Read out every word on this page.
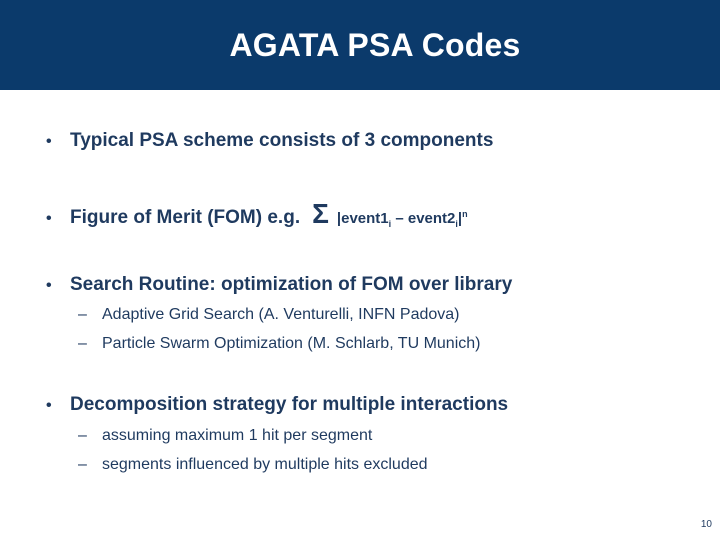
AGATA PSA Codes
• Typical PSA scheme consists of 3 components
• Figure of Merit (FOM) e.g. Σ $|event1_i$ – $event2_i|^n$
• Search Routine: optimization of FOM over library
– Adaptive Grid Search (A. Venturelli, INFN Padova)
– Particle Swarm Optimization (M. Schlarb, TU Munich)
• Decomposition strategy for multiple interactions
– assuming maximum 1 hit per segment
– segments influenced by multiple hits excluded
10
